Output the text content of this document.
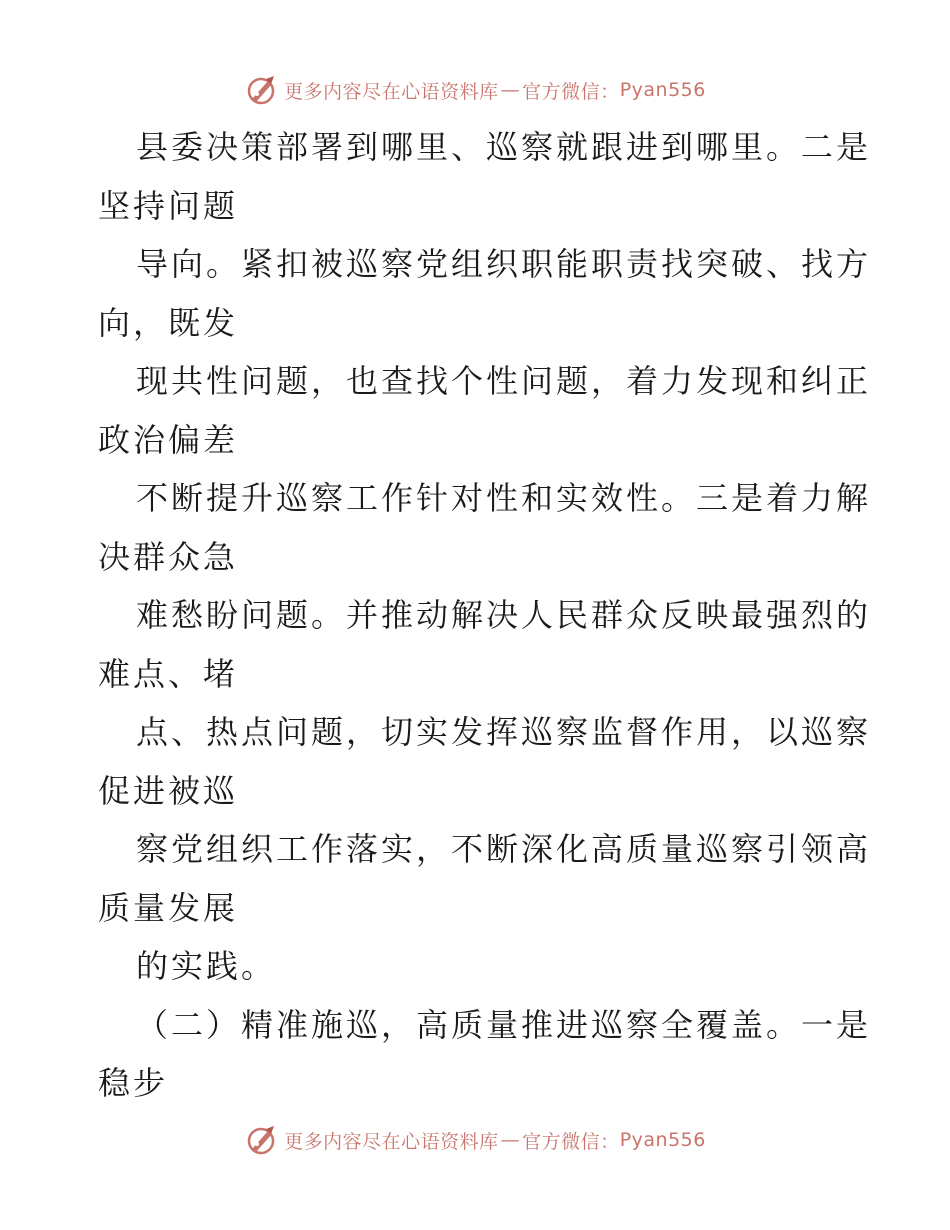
更多内容尽在心语资料库 — 官方微信： Pyan556
县委决策部署到哪里、巡察就跟进到哪里。二是
坚持问题
导向。紧扣被巡察党组织职能职责找突破、找方
向，既发
现共性问题，也查找个性问题，着力发现和纠正
政治偏差
不断提升巡察工作针对性和实效性。三是着力解
决群众急
难愁盼问题。并推动解决人民群众反映最强烈的
难点、堵
点、热点问题，切实发挥巡察监督作用，以巡察
促进被巡
察党组织工作落实，不断深化高质量巡察引领高
质量发展
的实践。
（二）精准施巡，高质量推进巡察全覆盖。一是
稳步
更多内容尽在心语资料库 — 官方微信： Pyan556
